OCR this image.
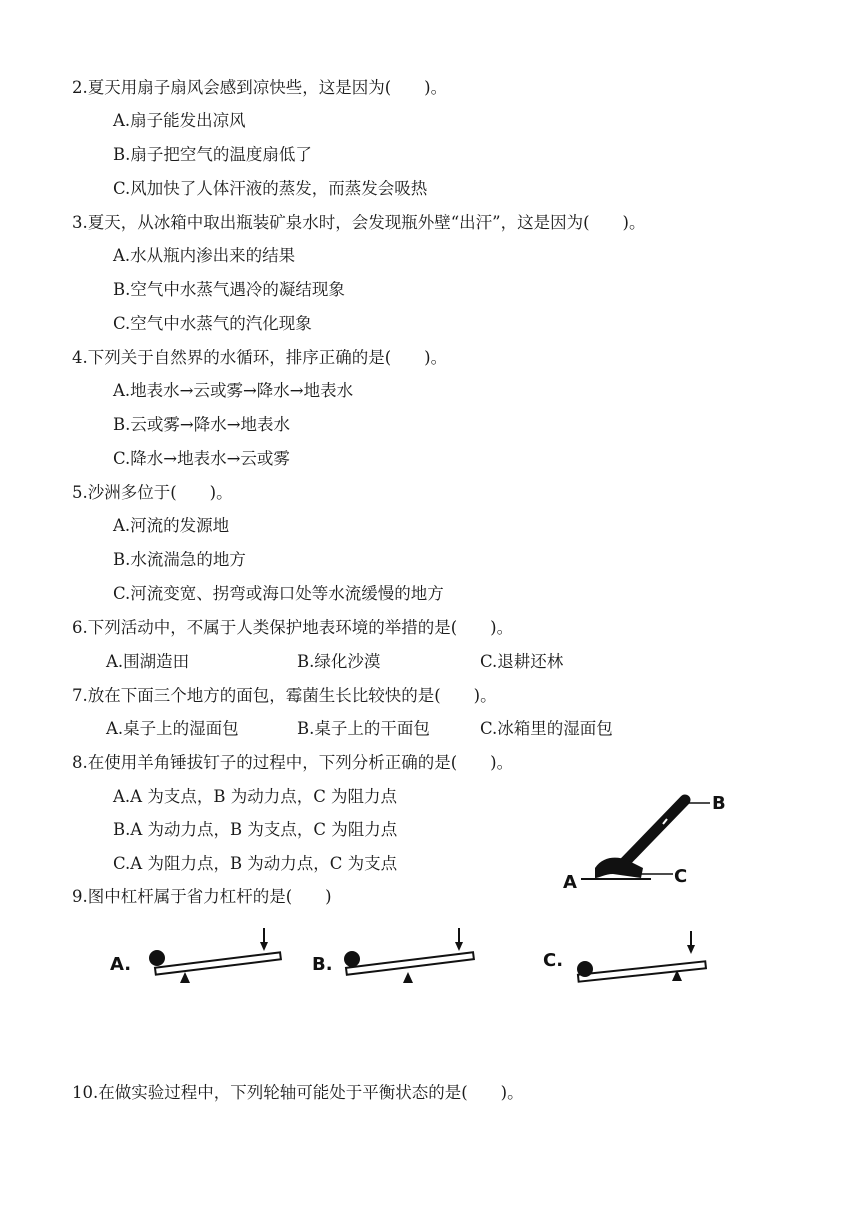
2.夏天用扇子扇风会感到凉快些，这是因为(　　)。
A.扇子能发出凉风
B.扇子把空气的温度扇低了
C.风加快了人体汗液的蒸发，而蒸发会吸热
3.夏天，从冰箱中取出瓶装矿泉水时，会发现瓶外壁“出汗”，这是因为(　　)。
A.水从瓶内渗出来的结果
B.空气中水蒸气遇冷的凝结现象
C.空气中水蒸气的汽化现象
4.下列关于自然界的水循环，排序正确的是(　　)。
A.地表水→云或雾→降水→地表水
B.云或雾→降水→地表水
C.降水→地表水→云或雾
5.沙洲多位于(　　)。
A.河流的发源地
B.水流湍急的地方
C.河流变宽、拐弯或海口处等水流缓慢的地方
6.下列活动中，不属于人类保护地表环境的举措的是(　　)。
A.围湖造田	B.绿化沙漠	C.退耕还林
7.放在下面三个地方的面包，霉菌生长比较快的是(　　)。
A.桌子上的湿面包	B.桌子上的干面包	C.冰箱里的湿面包
8.在使用羊角锤拔钉子的过程中，下列分析正确的是(　　)。
A.A 为支点，B 为动力点，C 为阻力点
B.A 为动力点，B 为支点，C 为阻力点
C.A 为阻力点，B 为动力点，C 为支点
B
C
A
9.图中杠杆属于省力杠杆的是(　　)
A.	B.	C.
10.在做实验过程中，下列轮轴可能处于平衡状态的是(　　)。
